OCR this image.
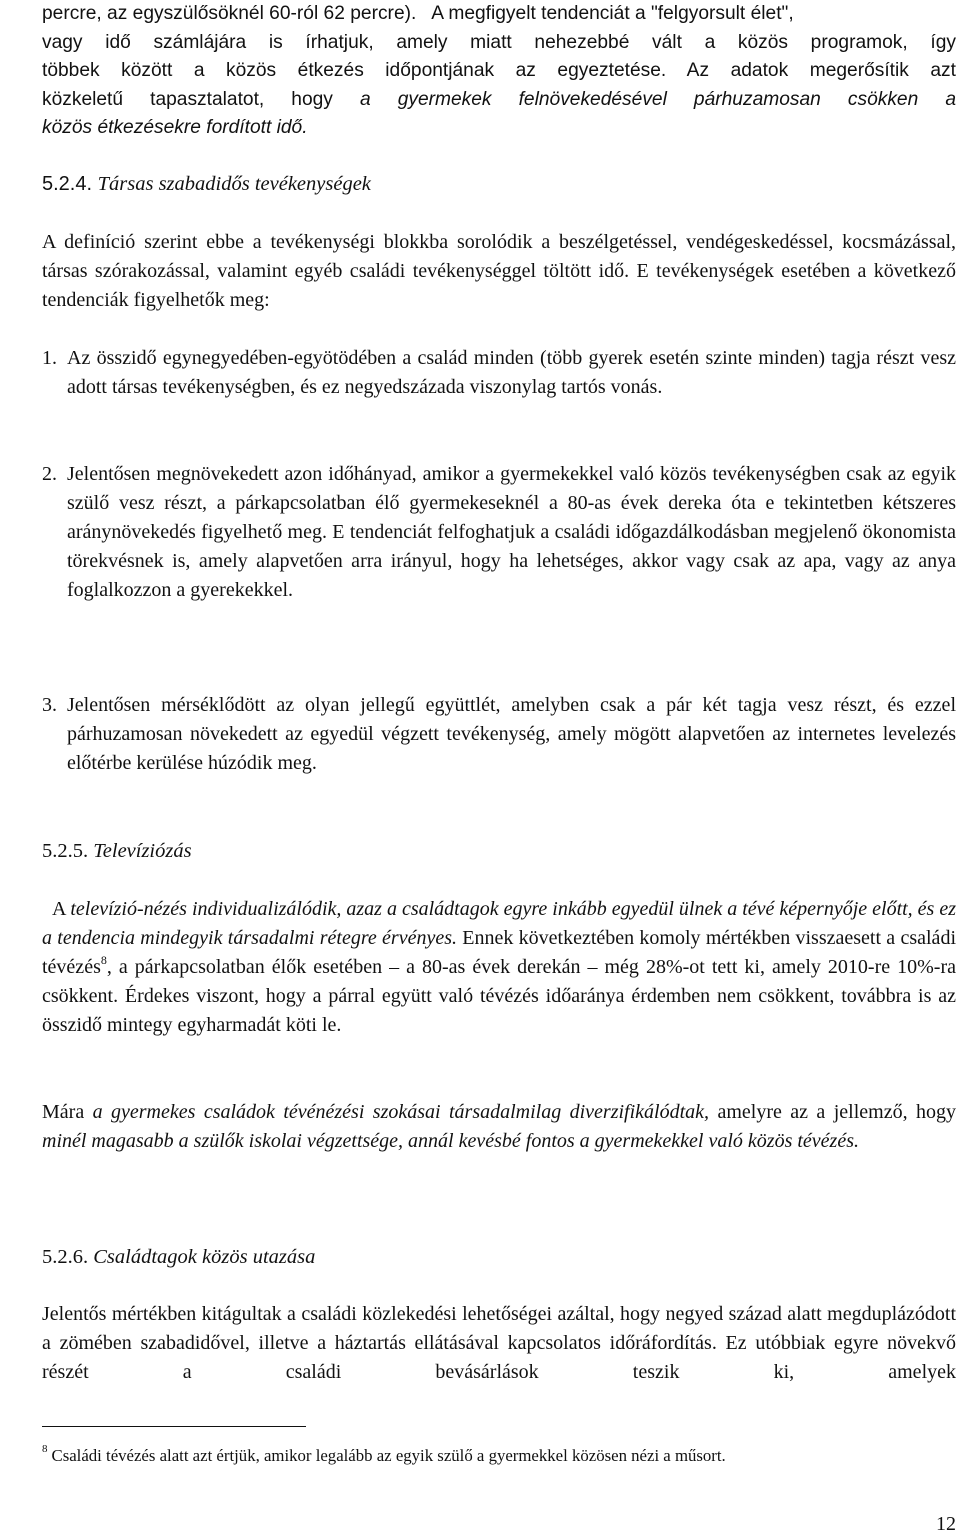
percre, az egyszülősöknél 60-ról 62 percre).   A megfigyelt tendenciát a "felgyorsult élet",
vagy idő számlájára is írhatjuk, amely miatt nehezebbé vált a közös programok, így
többek között a közös étkezés időpontjának az egyeztetése. Az adatok megerősítik azt
közkeletű tapasztalatot, hogy a gyermekek felnövekedésével párhuzamosan csökken a
közös étkezésekre fordított idő.
5.2.4. Társas szabadidős tevékenységek

A definíció szerint ebbe a tevékenységi blokkba sorolódik a beszélgetéssel, vendégeskedéssel, kocsmázással, társas szórakozással, valamint egyéb családi tevékenységgel töltött idő. E tevékenységek esetében a következő tendenciák figyelhetők meg:

1. Az összidő egynegyedében-egyötödében a család minden (több gyerek esetén szinte minden) tagja részt vesz adott társas tevékenységben, és ez negyedszázada viszonylag tartós vonás.
2. Jelentősen megnövekedett azon időhányad, amikor a gyermekekkel való közös tevékenységben csak az egyik szülő vesz részt, a párkapcsolatban élő gyermekeseknél a 80-as évek dereka óta e tekintetben kétszeres aránynövekedés figyelhető meg. E tendenciát felfoghatjuk a családi időgazdálkodásban megjelenő ökonomista törekvésnek is, amely alapvetően arra irányul, hogy ha lehetséges, akkor vagy csak az apa, vagy az anya foglalkozzon a gyerekekkel.
3. Jelentősen mérséklődött az olyan jellegű együttlét, amelyben csak a pár két tagja vesz részt, és ezzel párhuzamosan növekedett az egyedül végzett tevékenység, amely mögött alapvetően az internetes levelezés előtérbe kerülése húzódik meg.
5.2.5. Televíziózás

A televízió-nézés individualizálódik, azaz a családtagok egyre inkább egyedül ülnek a tévé képernyője előtt, és ez a tendencia mindegyik társadalmi rétegre érvényes. Ennek következtében komoly mértékben visszaesett a családi tévézés$^8$, a párkapcsolatban élők esetében – a 80-as évek derekán – még 28%-ot tett ki, amely 2010-re 10%-ra csökkent. Érdekes viszont, hogy a párral együtt való tévézés időaránya érdemben nem csökkent, továbbra is az összidő mintegy egyharmadát köti le.

Mára a gyermekes családok tévénézési szokásai társadalmilag diverzifikálódtak, amelyre az a jellemző, hogy minél magasabb a szülők iskolai végzettsége, annál kevésbé fontos a gyermekekkel való közös tévézés.

5.2.6. Családtagok közös utazása

Jelentős mértékben kitágultak a családi közlekedési lehetőségei azáltal, hogy negyed század alatt megduplázódott a zömében szabadidővel, illetve a háztartás ellátásával kapcsolatos időráfordítás. Ez utóbbiak egyre növekvő részét a családi bevásárlások teszik ki, amelyek

$^8$ Családi tévézés alatt azt értjük, amikor legalább az egyik szülő a gyermekkel közösen nézi a műsort.
12
